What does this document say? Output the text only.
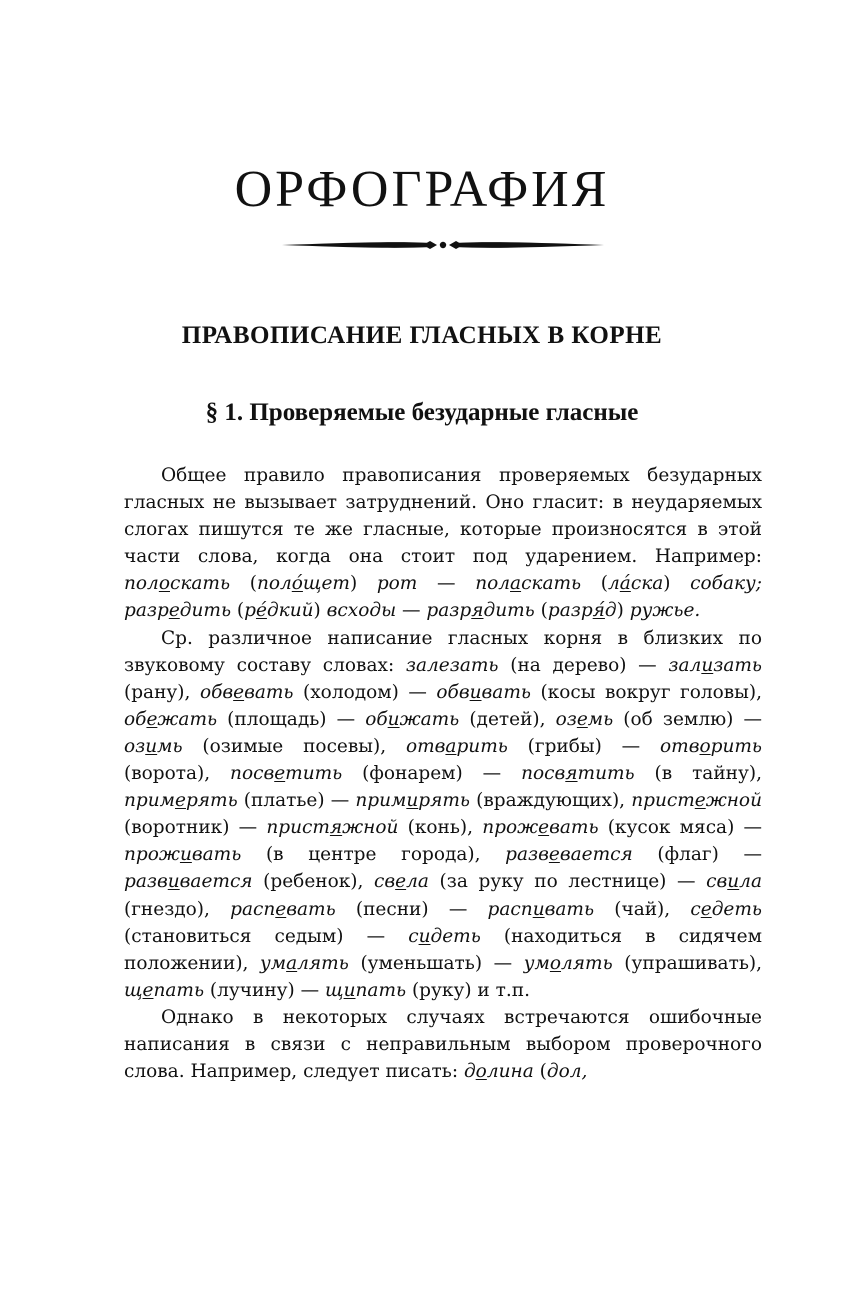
ОРФОГРАФИЯ
ПРАВОПИСАНИЕ ГЛАСНЫХ В КОРНЕ
§ 1. Проверяемые безударные гласные

Общее правило правописания проверяемых безударных гласных не вызывает затруднений. Оно гласит: в неударяемых слогах пишутся те же гласные, которые произносятся в этой части слова, когда она стоит под ударением. Например: полоскать (полóщет) рот — поласкать (лáска) собаку; разредить (рéдкий) всходы — разрядить (разря́д) ружье.

Ср. различное написание гласных корня в близких по звуковому составу словах: залезать (на дерево) — зализать (рану), обвевать (холодом) — обвивать (косы вокруг головы), обежать (площадь) — обижать (детей), оземь (об землю) — озимь (озимые посевы), отварить (грибы) — отворить (ворота), посветить (фонарем) — посвятить (в тайну), примерять (платье) — примирять (враждующих), пристежной (воротник) — пристяжной (конь), прожевать (кусок мяса) — проживать (в центре города), развевается (флаг) — развивается (ребенок), свела (за руку по лестнице) — свила (гнездо), распевать (песни) — распивать (чай), седеть (становиться седым) — сидеть (находиться в сидячем положении), умалять (уменьшать) — умолять (упрашивать), щепать (лучину) — щипать (руку) и т.п.

Однако в некоторых случаях встречаются ошибочные написания в связи с неправильным выбором проверочного слова. Например, следует писать: долина (дол,
